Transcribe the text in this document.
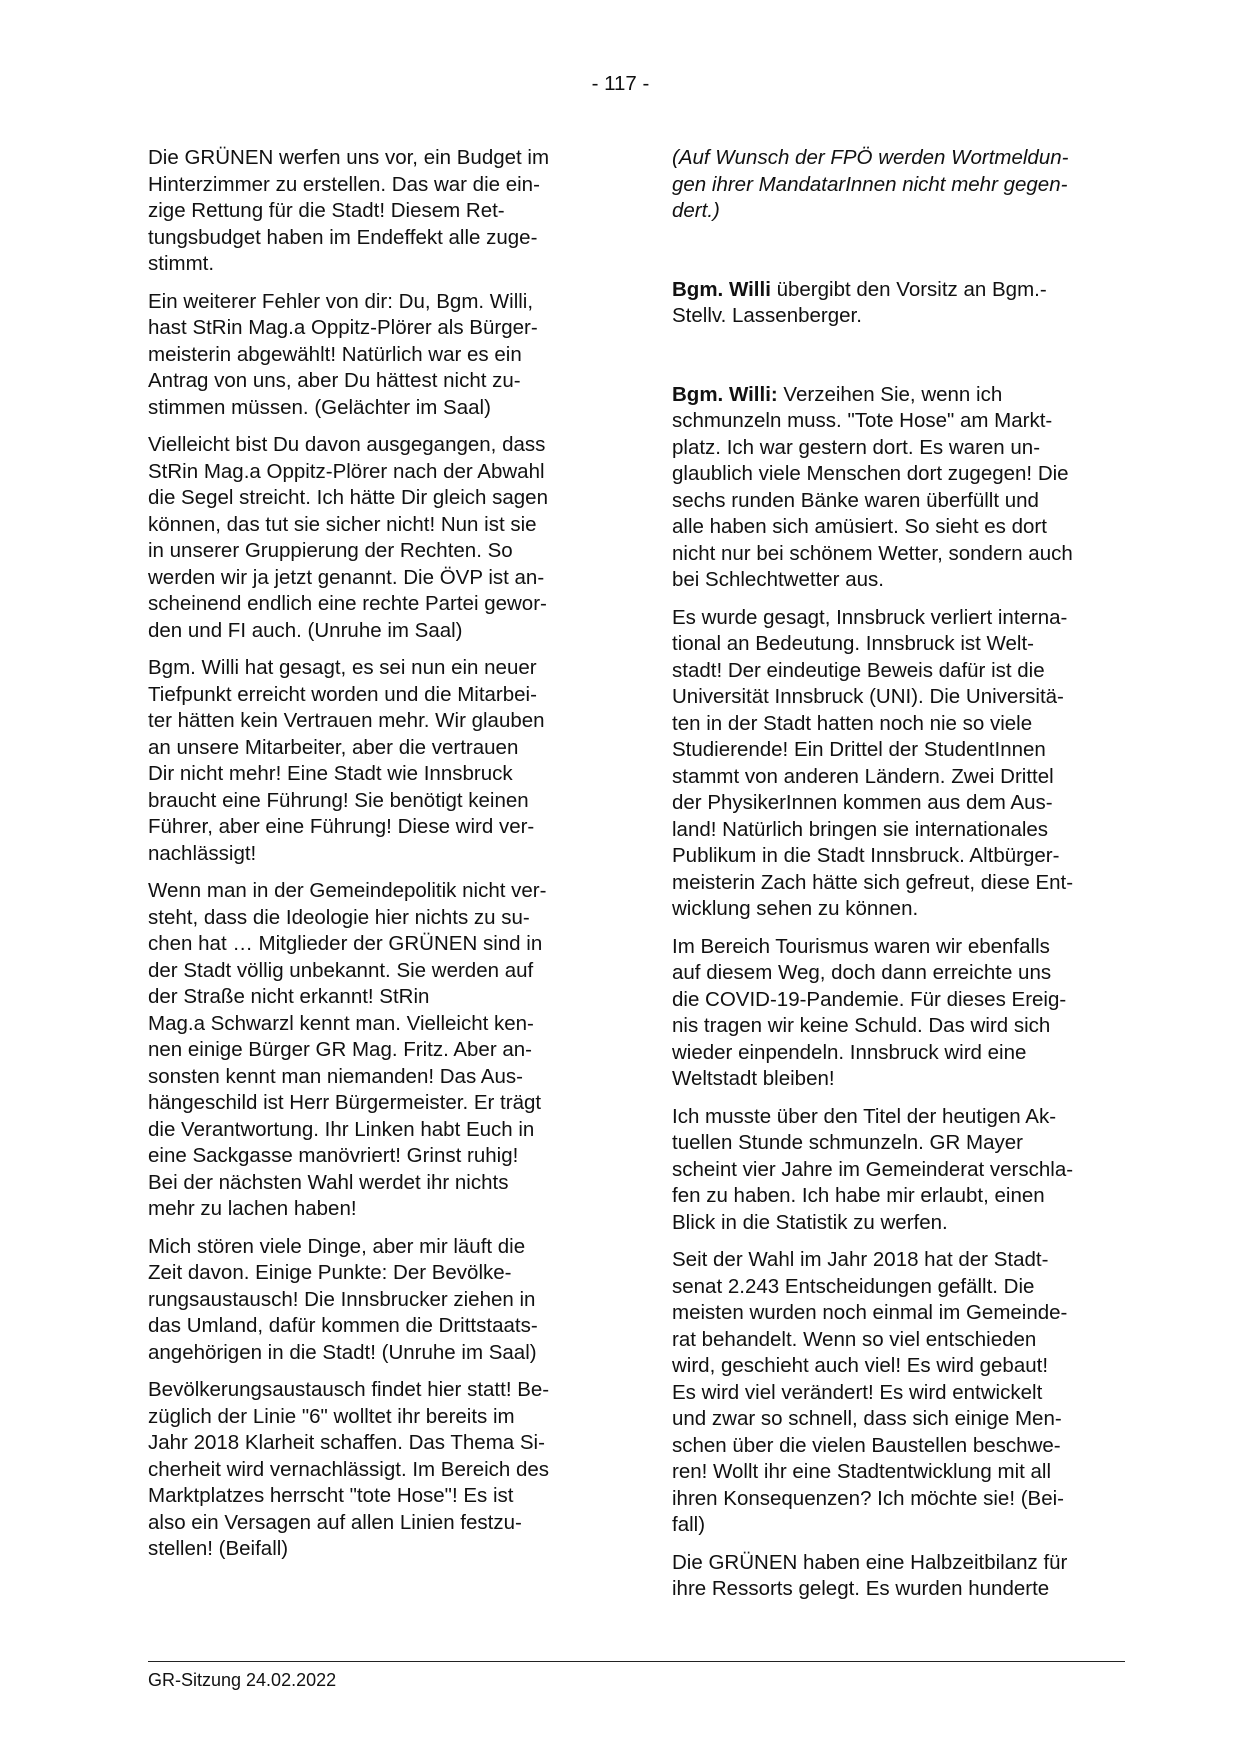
- 117 -

Die GRÜNEN werfen uns vor, ein Budget im
Hinterzimmer zu erstellen. Das war die ein-
zige Rettung für die Stadt! Diesem Ret-
tungsbudget haben im Endeffekt alle zuge-
stimmt.

Ein weiterer Fehler von dir: Du, Bgm. Willi,
hast StRin Mag.a Oppitz-Plörer als Bürger-
meisterin abgewählt! Natürlich war es ein
Antrag von uns, aber Du hättest nicht zu-
stimmen müssen. (Gelächter im Saal)

Vielleicht bist Du davon ausgegangen, dass
StRin Mag.a Oppitz-Plörer nach der Abwahl
die Segel streicht. Ich hätte Dir gleich sagen
können, das tut sie sicher nicht! Nun ist sie
in unserer Gruppierung der Rechten. So
werden wir ja jetzt genannt. Die ÖVP ist an-
scheinend endlich eine rechte Partei gewor-
den und FI auch. (Unruhe im Saal)

Bgm. Willi hat gesagt, es sei nun ein neuer
Tiefpunkt erreicht worden und die Mitarbei-
ter hätten kein Vertrauen mehr. Wir glauben
an unsere Mitarbeiter, aber die vertrauen
Dir nicht mehr! Eine Stadt wie Innsbruck
braucht eine Führung! Sie benötigt keinen
Führer, aber eine Führung! Diese wird ver-
nachlässigt!

Wenn man in der Gemeindepolitik nicht ver-
steht, dass die Ideologie hier nichts zu su-
chen hat … Mitglieder der GRÜNEN sind in
der Stadt völlig unbekannt. Sie werden auf
der Straße nicht erkannt! StRin
Mag.a Schwarzl kennt man. Vielleicht ken-
nen einige Bürger GR Mag. Fritz. Aber an-
sonsten kennt man niemanden! Das Aus-
hängeschild ist Herr Bürgermeister. Er trägt
die Verantwortung. Ihr Linken habt Euch in
eine Sackgasse manövriert! Grinst ruhig!
Bei der nächsten Wahl werdet ihr nichts
mehr zu lachen haben!

Mich stören viele Dinge, aber mir läuft die
Zeit davon. Einige Punkte: Der Bevölke-
rungsaustausch! Die Innsbrucker ziehen in
das Umland, dafür kommen die Drittstaats-
angehörigen in die Stadt! (Unruhe im Saal)

Bevölkerungsaustausch findet hier statt! Be-
züglich der Linie "6" wolltet ihr bereits im
Jahr 2018 Klarheit schaffen. Das Thema Si-
cherheit wird vernachlässigt. Im Bereich des
Marktplatzes herrscht "tote Hose"! Es ist
also ein Versagen auf allen Linien festzu-
stellen! (Beifall)

(Auf Wunsch der FPÖ werden Wortmeldun-
gen ihrer MandatarInnen nicht mehr gegen-
dert.)

Bgm. Willi übergibt den Vorsitz an Bgm.-
Stellv. Lassenberger.

Bgm. Willi: Verzeihen Sie, wenn ich
schmunzeln muss. "Tote Hose" am Markt-
platz. Ich war gestern dort. Es waren un-
glaublich viele Menschen dort zugegen! Die
sechs runden Bänke waren überfüllt und
alle haben sich amüsiert. So sieht es dort
nicht nur bei schönem Wetter, sondern auch
bei Schlechtwetter aus.

Es wurde gesagt, Innsbruck verliert interna-
tional an Bedeutung. Innsbruck ist Welt-
stadt! Der eindeutige Beweis dafür ist die
Universität Innsbruck (UNI). Die Universitä-
ten in der Stadt hatten noch nie so viele
Studierende! Ein Drittel der StudentInnen
stammt von anderen Ländern. Zwei Drittel
der PhysikerInnen kommen aus dem Aus-
land! Natürlich bringen sie internationales
Publikum in die Stadt Innsbruck. Altbürger-
meisterin Zach hätte sich gefreut, diese Ent-
wicklung sehen zu können.

Im Bereich Tourismus waren wir ebenfalls
auf diesem Weg, doch dann erreichte uns
die COVID-19-Pandemie. Für dieses Ereig-
nis tragen wir keine Schuld. Das wird sich
wieder einpendeln. Innsbruck wird eine
Weltstadt bleiben!

Ich musste über den Titel der heutigen Ak-
tuellen Stunde schmunzeln. GR Mayer
scheint vier Jahre im Gemeinderat verschla-
fen zu haben. Ich habe mir erlaubt, einen
Blick in die Statistik zu werfen.

Seit der Wahl im Jahr 2018 hat der Stadt-
senat 2.243 Entscheidungen gefällt. Die
meisten wurden noch einmal im Gemeinde-
rat behandelt. Wenn so viel entschieden
wird, geschieht auch viel! Es wird gebaut!
Es wird viel verändert! Es wird entwickelt
und zwar so schnell, dass sich einige Men-
schen über die vielen Baustellen beschwe-
ren! Wollt ihr eine Stadtentwicklung mit all
ihren Konsequenzen? Ich möchte sie! (Bei-
fall)

Die GRÜNEN haben eine Halbzeitbilanz für
ihre Ressorts gelegt. Es wurden hunderte

GR-Sitzung 24.02.2022
